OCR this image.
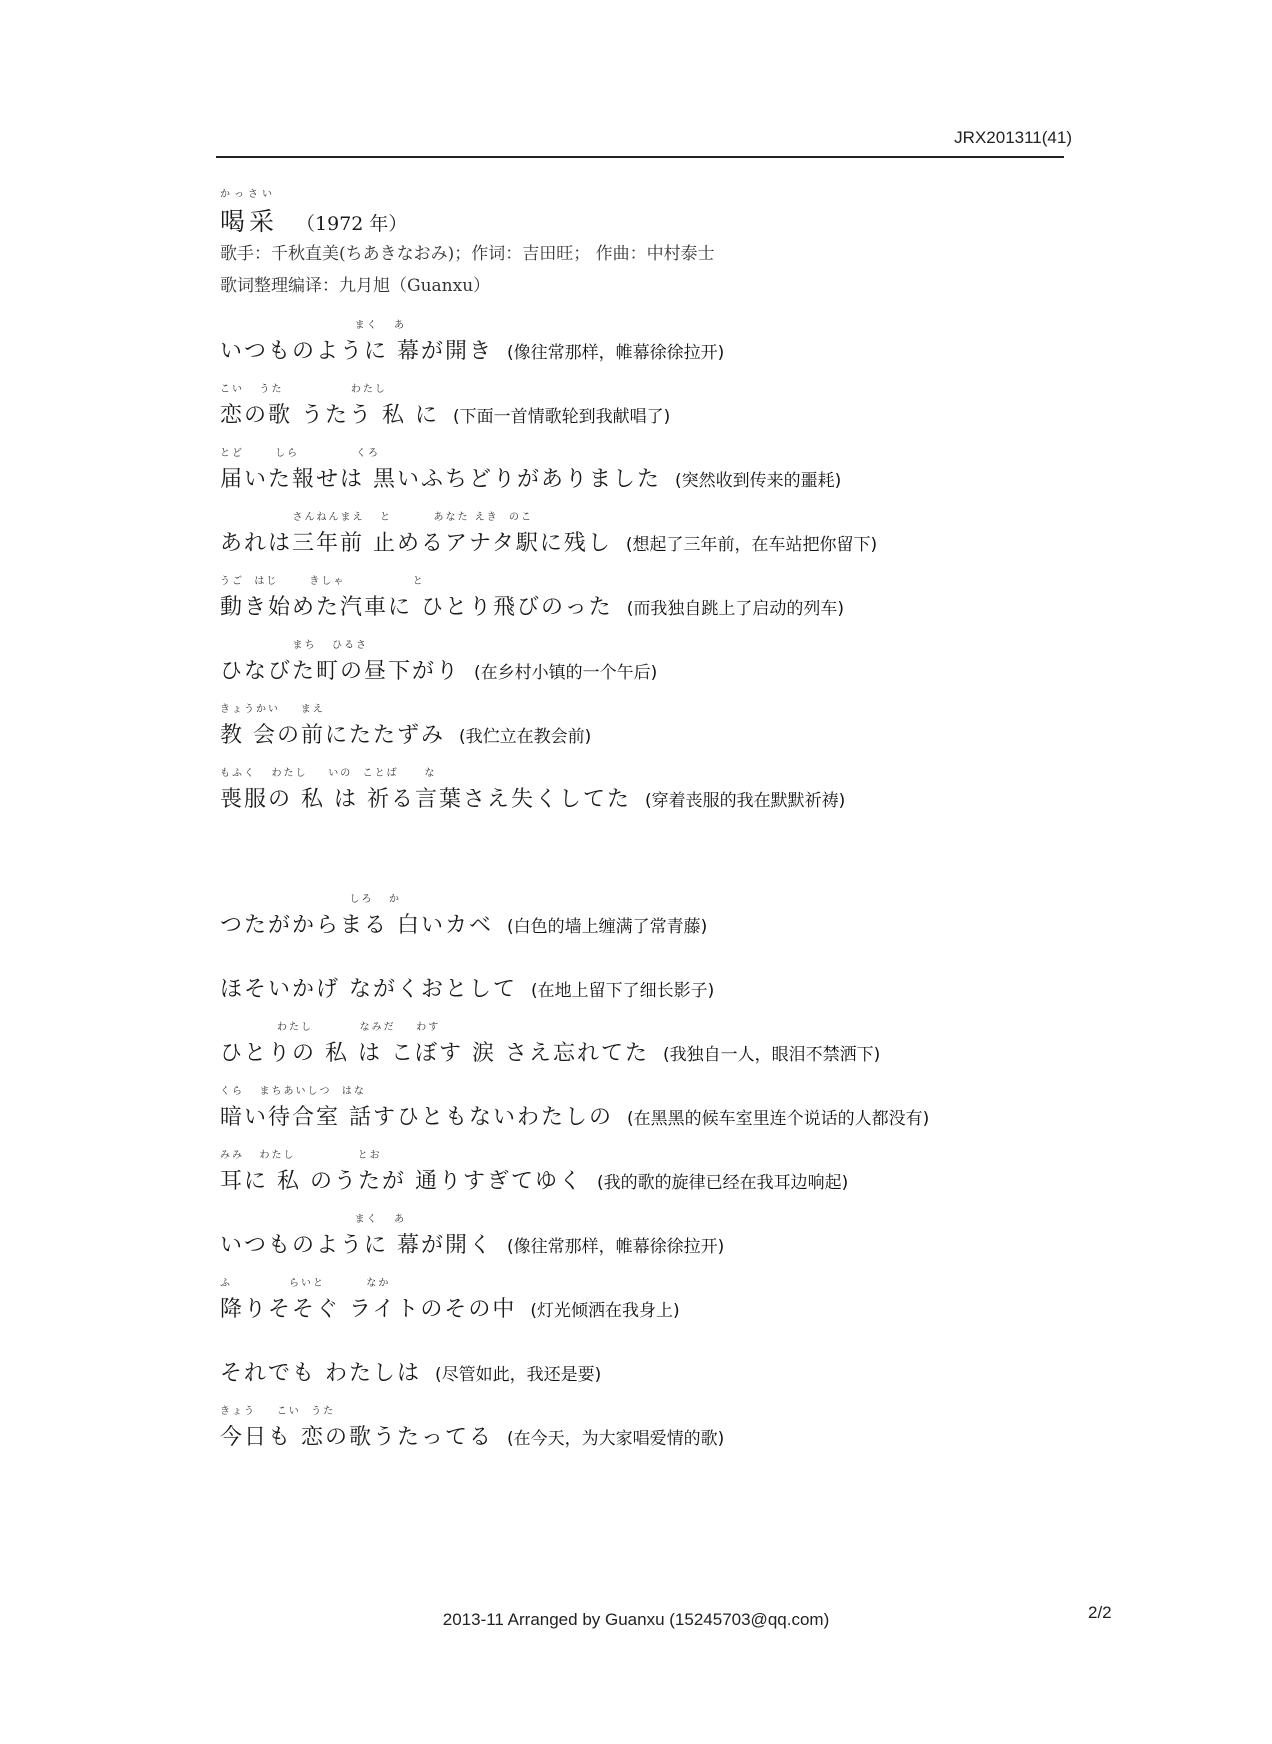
JRX201311(41)
かっさい
喝采 （1972 年）
歌手：千秋直美(ちあきなおみ)；作词：吉田旺； 作曲：中村泰士
歌词整理编译：九月旭（Guanxu）
まく   あ
いつものように 幕が開き (像往常那样，帷幕徐徐拉开)
こい   うた             わたし
恋の歌 うたう 私 に (下面一首情歌轮到我献唱了)
とど      しら           くろ
届いた報せは 黒いふちどりがありました (突然收到传来的噩耗)
さんねんまえ   と        あなた えき  のこ
あれは三年前 止めるアナタ駅に残し (想起了三年前，在车站把你留下)
うご  はじ      きしゃ             と
動き始めた汽車に ひとり飛びのった (而我独自跳上了启动的列车)
まち   ひるさ
ひなびた町の昼下がり (在乡村小镇的一个午后)
きょうかい    まえ
教 会の前にたたずみ (我伫立在教会前)
もふく   わたし    いの  ことば     な
喪服の 私 は 祈る言葉さえ失くしてた (穿着丧服的我在默默祈祷)
しろ   か
つたがからまる 白いカベ (白色的墙上缠满了常青藤)
ほそいかげ ながくおとして (在地上留下了细长影子)
わたし         なみだ    わす
ひとりの 私 は こぼす 涙 さえ忘れてた (我独自一人，眼泪不禁洒下)
くら   まちあいしつ  はな
暗い待合室 話すひともないわたしの (在黑黑的候车室里连个说话的人都没有)
みみ   わたし            とお
耳に 私 のうたが 通りすぎてゆく (我的歌的旋律已经在我耳边响起)
まく   あ
いつものように 幕が開く (像往常那样，帷幕徐徐拉开)
ふ           らいと        なか
降りそそぐ ライトのその中 (灯光倾洒在我身上)
それでも わたしは (尽管如此，我还是要)
きょう    こい  うた
今日も 恋の歌うたってる (在今天，为大家唱爱情的歌)
2013-11 Arranged by Guanxu (15245703@qq.com)	2/2
